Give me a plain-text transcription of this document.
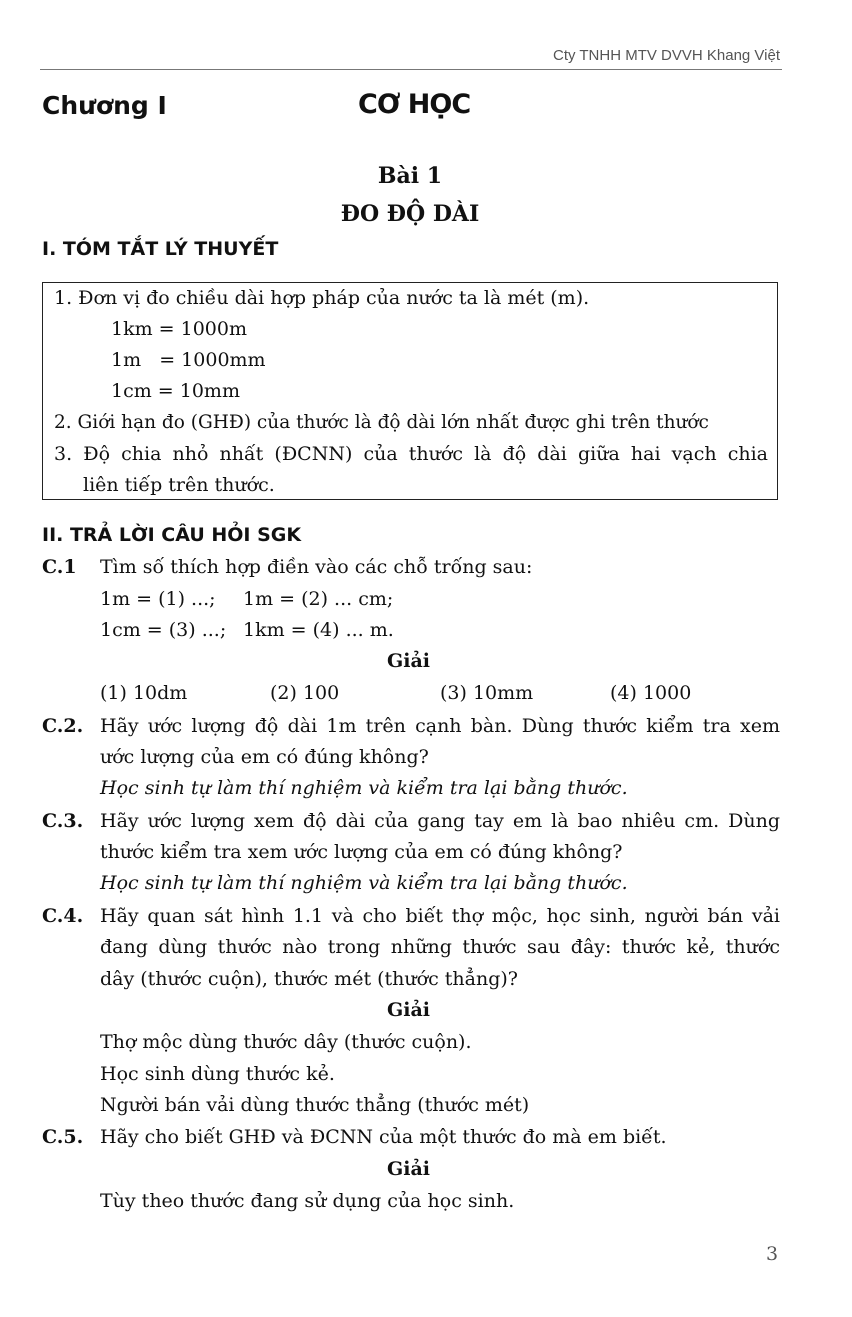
Cty TNHH MTV DVVH Khang Việt
Chương I	CƠ HỌC
Bài 1
ĐO ĐỘ DÀI
I. TÓM TẮT LÝ THUYẾT
1. Đơn vị đo chiều dài hợp pháp của nước ta là mét (m).
1km = 1000m
1m   = 1000mm
1cm = 10mm
2. Giới hạn đo (GHĐ) của thước là độ dài lớn nhất được ghi trên thước
3. Độ chia nhỏ nhất (ĐCNN) của thước là độ dài giữa hai vạch chia
liên tiếp trên thước.
II. TRẢ LỜI CÂU HỎI SGK
C.1 Tìm số thích hợp điền vào các chỗ trống sau:
1m = (1) ...; 1m = (2) ... cm;
1cm = (3) ...; 1km = (4) ... m.
Giải
(1) 10dm	(2) 100	(3) 10mm	(4) 1000
C.2. Hãy ước lượng độ dài 1m trên cạnh bàn. Dùng thước kiểm tra xem
ước lượng của em có đúng không?
Học sinh tự làm thí nghiệm và kiểm tra lại bằng thước.
C.3. Hãy ước lượng xem độ dài của gang tay em là bao nhiêu cm. Dùng
thước kiểm tra xem ước lượng của em có đúng không?
Học sinh tự làm thí nghiệm và kiểm tra lại bằng thước.
C.4. Hãy quan sát hình 1.1 và cho biết thợ mộc, học sinh, người bán vải
đang dùng thước nào trong những thước sau đây: thước kẻ, thước
dây (thước cuộn), thước mét (thước thẳng)?
Giải
Thợ mộc dùng thước dây (thước cuộn).
Học sinh dùng thước kẻ.
Người bán vải dùng thước thẳng (thước mét)
C.5. Hãy cho biết GHĐ và ĐCNN của một thước đo mà em biết.
Giải
Tùy theo thước đang sử dụng của học sinh.
3
